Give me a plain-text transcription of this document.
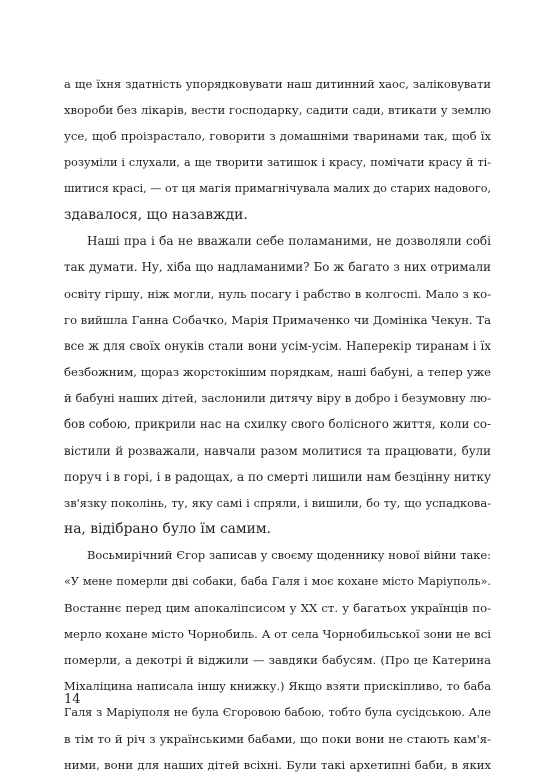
а ще їхня здатність упорядковувати наш дитинний хаос, заліковувати
хвороби без лікарів, вести господарку, садити сади, втикати у землю
усе, щоб проізрастало, говорити з домашніми тваринами так, щоб їх
розуміли і слухали, а ще творити затишок і красу, помічати красу й ті-
шитися красі, — от ця магія примагнічувала малих до старих надового,
здавалося, що назавжди.
Наші пра і ба не вважали себе поламаними, не дозволяли собі
так думати. Ну, хіба що надламаними? Бо ж багато з них отримали
освіту гіршу, ніж могли, нуль посагу і рабство в колгоспі. Мало з ко-
го вийшла Ганна Собачко, Марія Примаченко чи Домініка Чекун. Та
все ж для своїх онуків стали вони усім-усім. Наперекір тиранам і їх
безбожним, щораз жорстокішим порядкам, наші бабуні, а тепер уже
й бабуні наших дітей, заслонили дитячу віру в добро і безумовну лю-
бов собою, прикрили нас на схилку свого болісного життя, коли со-
вістили й розважали, навчали разом молитися та працювати, були
поруч і в горі, і в радощах, а по смерті лишили нам безцінну нитку
зв'язку поколінь, ту, яку самі і спряли, і вишили, бо ту, що успадкова-
на, відібрано було їм самим.
Восьмирічний Єгор записав у своєму щоденнику нової війни таке:
«У мене померли дві собаки, баба Галя і моє кохане місто Маріуполь».
Востаннє перед цим апокаліпсисом у XX ст. у багатьох українців по-
мерло кохане місто Чорнобиль. А от села Чорнобильської зони не всі
померли, а декотрі й віджили — завдяки бабусям. (Про це Катерина
Міхаліцина написала іншу книжку.) Якщо взяти прискіпливо, то баба
Галя з Маріуполя не була Єгоровою бабою, тобто була сусідською. Але
в тім то й річ з українськими бабами, що поки вони не стають кам'я-
ними, вони для наших дітей всіхні. Були такі архетипні баби, в яких
14
